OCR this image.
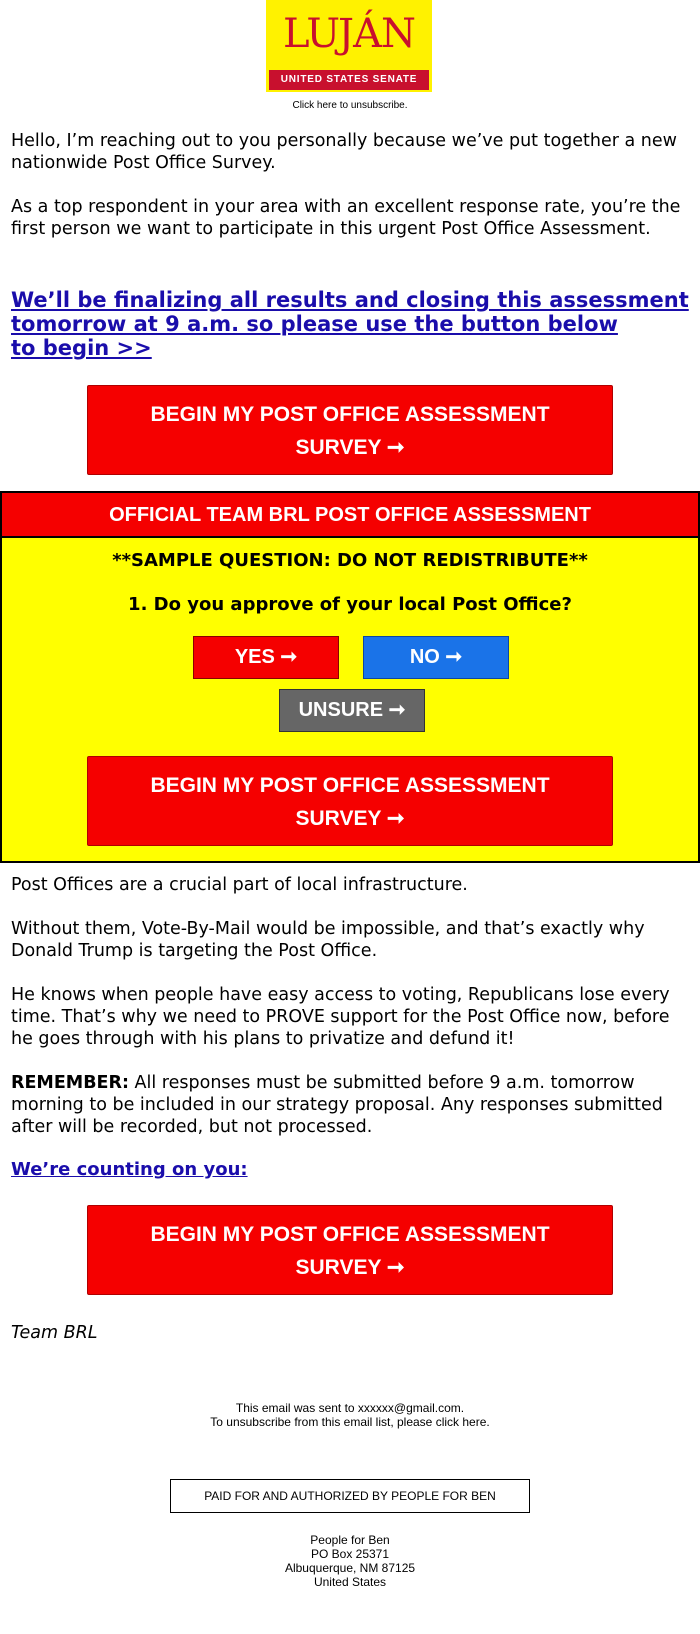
LUJÁN
UNITED STATES SENATE
Click here to unsubscribe.
Hello, I’m reaching out to you personally because we’ve put together a new nationwide Post Office Survey.
As a top respondent in your area with an excellent response rate, you’re the first person we want to participate in this urgent Post Office Assessment.
We’ll be finalizing all results and closing this assessment
tomorrow at 9 a.m. so please use the button below
to begin >>
BEGIN MY POST OFFICE ASSESSMENT
SURVEY ➞
OFFICIAL TEAM BRL POST OFFICE ASSESSMENT
**SAMPLE QUESTION: DO NOT REDISTRIBUTE**
1. Do you approve of your local Post Office?
YES ➞	NO ➞
UNSURE ➞
BEGIN MY POST OFFICE ASSESSMENT
SURVEY ➞
Post Offices are a crucial part of local infrastructure.
Without them, Vote-By-Mail would be impossible, and that’s exactly why Donald Trump is targeting the Post Office.
He knows when people have easy access to voting, Republicans lose every time. That’s why we need to PROVE support for the Post Office now, before he goes through with his plans to privatize and defund it!
REMEMBER: All responses must be submitted before 9 a.m. tomorrow morning to be included in our strategy proposal. Any responses submitted after will be recorded, but not processed.
We’re counting on you:
BEGIN MY POST OFFICE ASSESSMENT
SURVEY ➞
Team BRL
This email was sent to xxxxxx@gmail.com.
To unsubscribe from this email list, please click here.
PAID FOR AND AUTHORIZED BY PEOPLE FOR BEN
People for Ben
PO Box 25371
Albuquerque, NM 87125
United States
